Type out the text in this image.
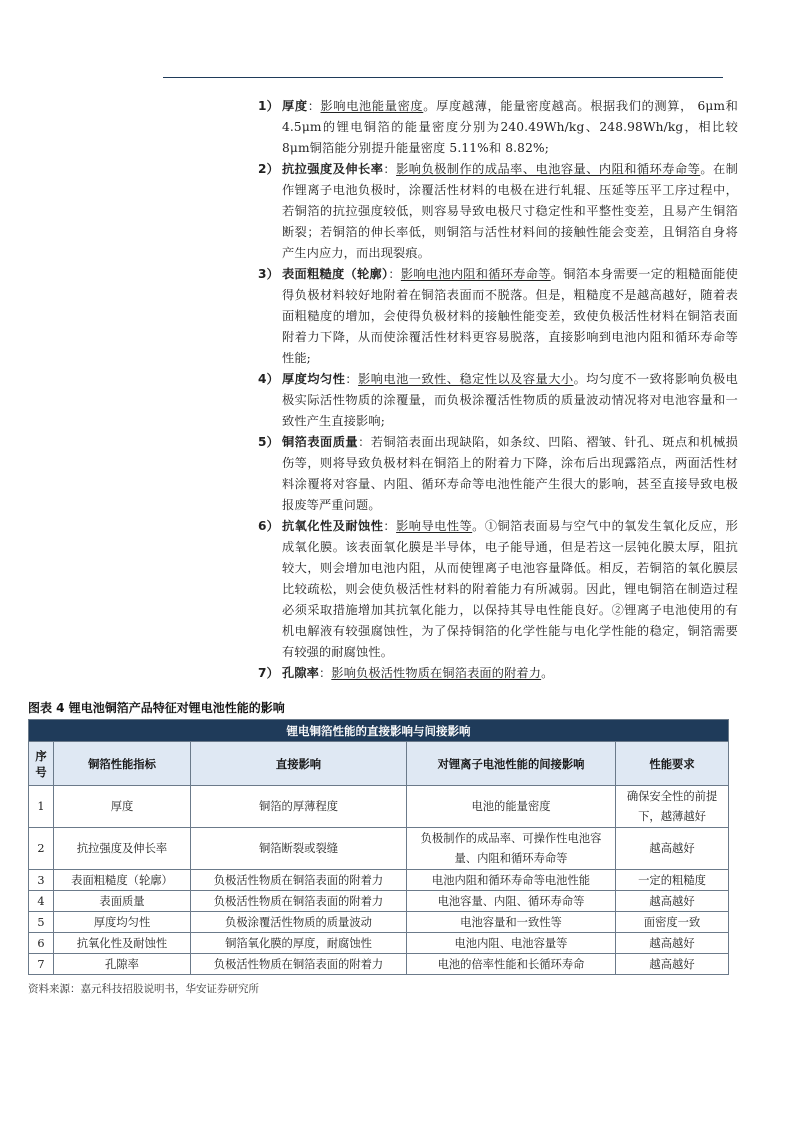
1） 厚度：影响电池能量密度。厚度越薄，能量密度越高。根据我们的测算， 6μm和4.5μm的锂电铜箔的能量密度分别为240.49Wh/kg、248.98Wh/kg，相比较 8μm铜箔能分别提升能量密度 5.11%和 8.82%;
2） 抗拉强度及伸长率：影响负极制作的成品率、电池容量、内阻和循环寿命等。在制作锂离子电池负极时，涂覆活性材料的电极在进行轧辊、压延等压平工序过程中，若铜箔的抗拉强度较低，则容易导致电极尺寸稳定性和平整性变差，且易产生铜箔断裂；若铜箔的伸长率低，则铜箔与活性材料间的接触性能会变差，且铜箔自身将产生内应力，而出现裂痕。
3） 表面粗糙度（轮廓）：影响电池内阻和循环寿命等。铜箔本身需要一定的粗糙面能使得负极材料较好地附着在铜箔表面而不脱落。但是，粗糙度不是越高越好，随着表面粗糙度的增加，会使得负极材料的接触性能变差，致使负极活性材料在铜箔表面附着力下降，从而使涂覆活性材料更容易脱落，直接影响到电池内阻和循环寿命等性能;
4） 厚度均匀性：影响电池一致性、稳定性以及容量大小。均匀度不一致将影响负极电极实际活性物质的涂覆量，而负极涂覆活性物质的质量波动情况将对电池容量和一致性产生直接影响;
5） 铜箔表面质量：若铜箔表面出现缺陷，如条纹、凹陷、褶皱、针孔、斑点和机械损伤等，则将导致负极材料在铜箔上的附着力下降，涂布后出现露箔点，两面活性材料涂覆将对容量、内阻、循环寿命等电池性能产生很大的影响，甚至直接导致电极报废等严重问题。
6） 抗氧化性及耐蚀性：影响导电性等。①铜箔表面易与空气中的氧发生氧化反应，形成氧化膜。该表面氧化膜是半导体，电子能导通，但是若这一层钝化膜太厚，阻抗较大，则会增加电池内阻，从而使锂离子电池容量降低。相反，若铜箔的氧化膜层比较疏松，则会使负极活性材料的附着能力有所减弱。因此，锂电铜箔在制造过程必须采取措施增加其抗氧化能力，以保持其导电性能良好。②锂离子电池使用的有机电解液有较强腐蚀性，为了保持铜箔的化学性能与电化学性能的稳定，铜箔需要有较强的耐腐蚀性。
7） 孔隙率：影响负极活性物质在铜箔表面的附着力。
图表 4 锂电池铜箔产品特征对锂电池性能的影响
锂电铜箔性能的直接影响与间接影响				
序号	铜箔性能指标	直接影响	对锂离子电池性能的间接影响	性能要求
1	厚度	铜箔的厚薄程度	电池的能量密度	确保安全性的前提下，越薄越好
2	抗拉强度及伸长率	铜箔断裂或裂缝	负极制作的成品率、可操作性电池容量、内阻和循环寿命等	越高越好
3	表面粗糙度（轮廓）	负极活性物质在铜箔表面的附着力	电池内阻和循环寿命等电池性能	一定的粗糙度
4	表面质量	负极活性物质在铜箔表面的附着力	电池容量、内阻、循环寿命等	越高越好
5	厚度均匀性	负极涂覆活性物质的质量波动	电池容量和一致性等	面密度一致
6	抗氧化性及耐蚀性	铜箔氧化膜的厚度，耐腐蚀性	电池内阻、电池容量等	越高越好
7	孔隙率	负极活性物质在铜箔表面的附着力	电池的倍率性能和长循环寿命	越高越好
资料来源：嘉元科技招股说明书，华安证券研究所
